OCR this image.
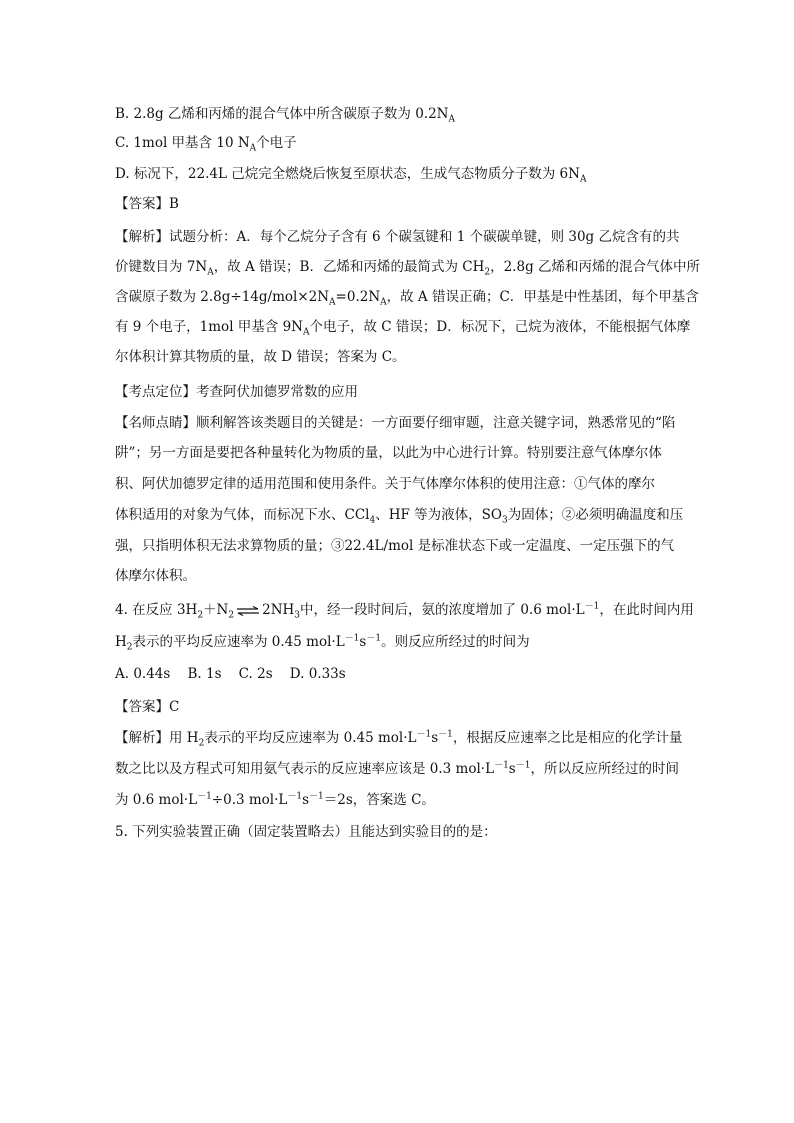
B. 2.8g 乙烯和丙烯的混合气体中所含碳原子数为 $0.2N_A$
C. 1mol 甲基含 10 $N_A$个电子
D. 标况下，22.4L 己烷完全燃烧后恢复至原状态，生成气态物质分子数为 $6N_A$
【答案】B
【解析】试题分析：A．每个乙烷分子含有 6 个碳氢键和 1 个碳碳单键，则 30g 乙烷含有的共
价键数目为 $7N_A$，故 A 错误；B．乙烯和丙烯的最简式为 $CH_2$，2.8g 乙烯和丙烯的混合气体中所
含碳原子数为 $2.8g\div 14g/mol\times 2N_A=0.2N_A$，故 A 错误正确；C．甲基是中性基团，每个甲基含
有 9 个电子，1mol 甲基含 $9N_A$个电子，故 C 错误；D．标况下，己烷为液体，不能根据气体摩
尔体积计算其物质的量，故 D 错误；答案为 C。
【考点定位】考查阿伏加德罗常数的应用
【名师点睛】顺利解答该类题目的关键是：一方面要仔细审题，注意关键字词，熟悉常见的“陷
阱”；另一方面是要把各种量转化为物质的量，以此为中心进行计算。特别要注意气体摩尔体
积、阿伏加德罗定律的适用范围和使用条件。关于气体摩尔体积的使用注意：①气体的摩尔
体积适用的对象为气体，而标况下水、CCl$_4$、HF 等为液体，$SO_3$为固体；②必须明确温度和压
强，只指明体积无法求算物质的量；③22.4L/mol 是标准状态下或一定温度、一定压强下的气
体摩尔体积。
4. 在反应 $3H_2+N_2$ ⇌ $2NH_3$中，经一段时间后，氨的浓度增加了 0.6 $mol\cdot L^{-1}$，在此时间内用
$H_2$表示的平均反应速率为 0.45 $mol\cdot L^{-1}s^{-1}$。则反应所经过的时间为
A. 0.44s    B. 1s    C. 2s    D. 0.33s
【答案】C
【解析】用 $H_2$表示的平均反应速率为 0.45 $mol\cdot L^{-1}s^{-1}$，根据反应速率之比是相应的化学计量
数之比以及方程式可知用氨气表示的反应速率应该是 0.3 $mol\cdot L^{-1}s^{-1}$，所以反应所经过的时间
为 0.6 $mol\cdot L^{-1}\div 0.3$ $mol\cdot L^{-1}s^{-1}=2s$，答案选 C。
5. 下列实验装置正确（固定装置略去）且能达到实验目的的是：
